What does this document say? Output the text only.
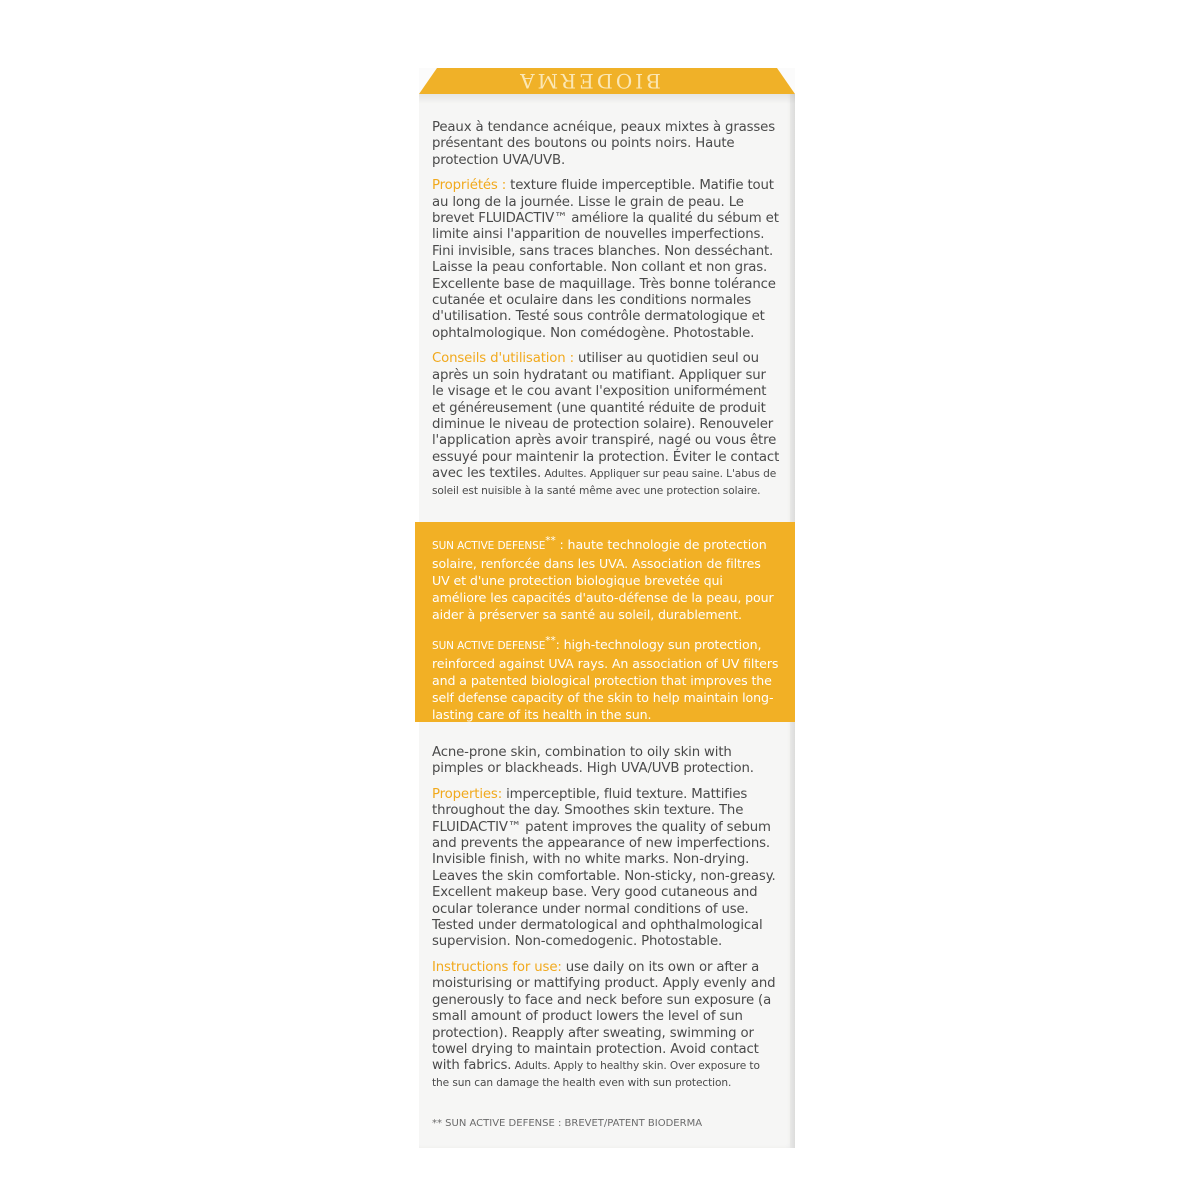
BIODERMA

Peaux à tendance acnéique, peaux mixtes à grasses présentant des boutons ou points noirs. Haute protection UVA/UVB.

Propriétés : texture fluide imperceptible. Matifie tout au long de la journée. Lisse le grain de peau. Le brevet FLUIDACTIV™ améliore la qualité du sébum et limite ainsi l'apparition de nouvelles imperfections. Fini invisible, sans traces blanches. Non desséchant. Laisse la peau confortable. Non collant et non gras. Excellente base de maquillage. Très bonne tolérance cutanée et oculaire dans les conditions normales d'utilisation. Testé sous contrôle dermatologique et ophtalmologique. Non comédogène. Photostable.

Conseils d'utilisation : utiliser au quotidien seul ou après un soin hydratant ou matifiant. Appliquer sur le visage et le cou avant l'exposition uniformément et généreusement (une quantité réduite de produit diminue le niveau de protection solaire). Renouveler l'application après avoir transpiré, nagé ou vous être essuyé pour maintenir la protection. Éviter le contact avec les textiles. Adultes. Appliquer sur peau saine. L'abus de soleil est nuisible à la santé même avec une protection solaire.

SUN ACTIVE DEFENSE** : haute technologie de protection solaire, renforcée dans les UVA. Association de filtres UV et d'une protection biologique brevetée qui améliore les capacités d'auto-défense de la peau, pour aider à préserver sa santé au soleil, durablement.

SUN ACTIVE DEFENSE**: high-technology sun protection, reinforced against UVA rays. An association of UV filters and a patented biological protection that improves the self defense capacity of the skin to help maintain long-lasting care of its health in the sun.

Acne-prone skin, combination to oily skin with pimples or blackheads. High UVA/UVB protection.

Properties: imperceptible, fluid texture. Mattifies throughout the day. Smoothes skin texture. The FLUIDACTIV™ patent improves the quality of sebum and prevents the appearance of new imperfections. Invisible finish, with no white marks. Non-drying. Leaves the skin comfortable. Non-sticky, non-greasy. Excellent makeup base. Very good cutaneous and ocular tolerance under normal conditions of use. Tested under dermatological and ophthalmological supervision. Non-comedogenic. Photostable.

Instructions for use: use daily on its own or after a moisturising or mattifying product. Apply evenly and generously to face and neck before sun exposure (a small amount of product lowers the level of sun protection). Reapply after sweating, swimming or towel drying to maintain protection. Avoid contact with fabrics. Adults. Apply to healthy skin. Over exposure to the sun can damage the health even with sun protection.

** SUN ACTIVE DEFENSE : BREVET/PATENT BIODERMA
